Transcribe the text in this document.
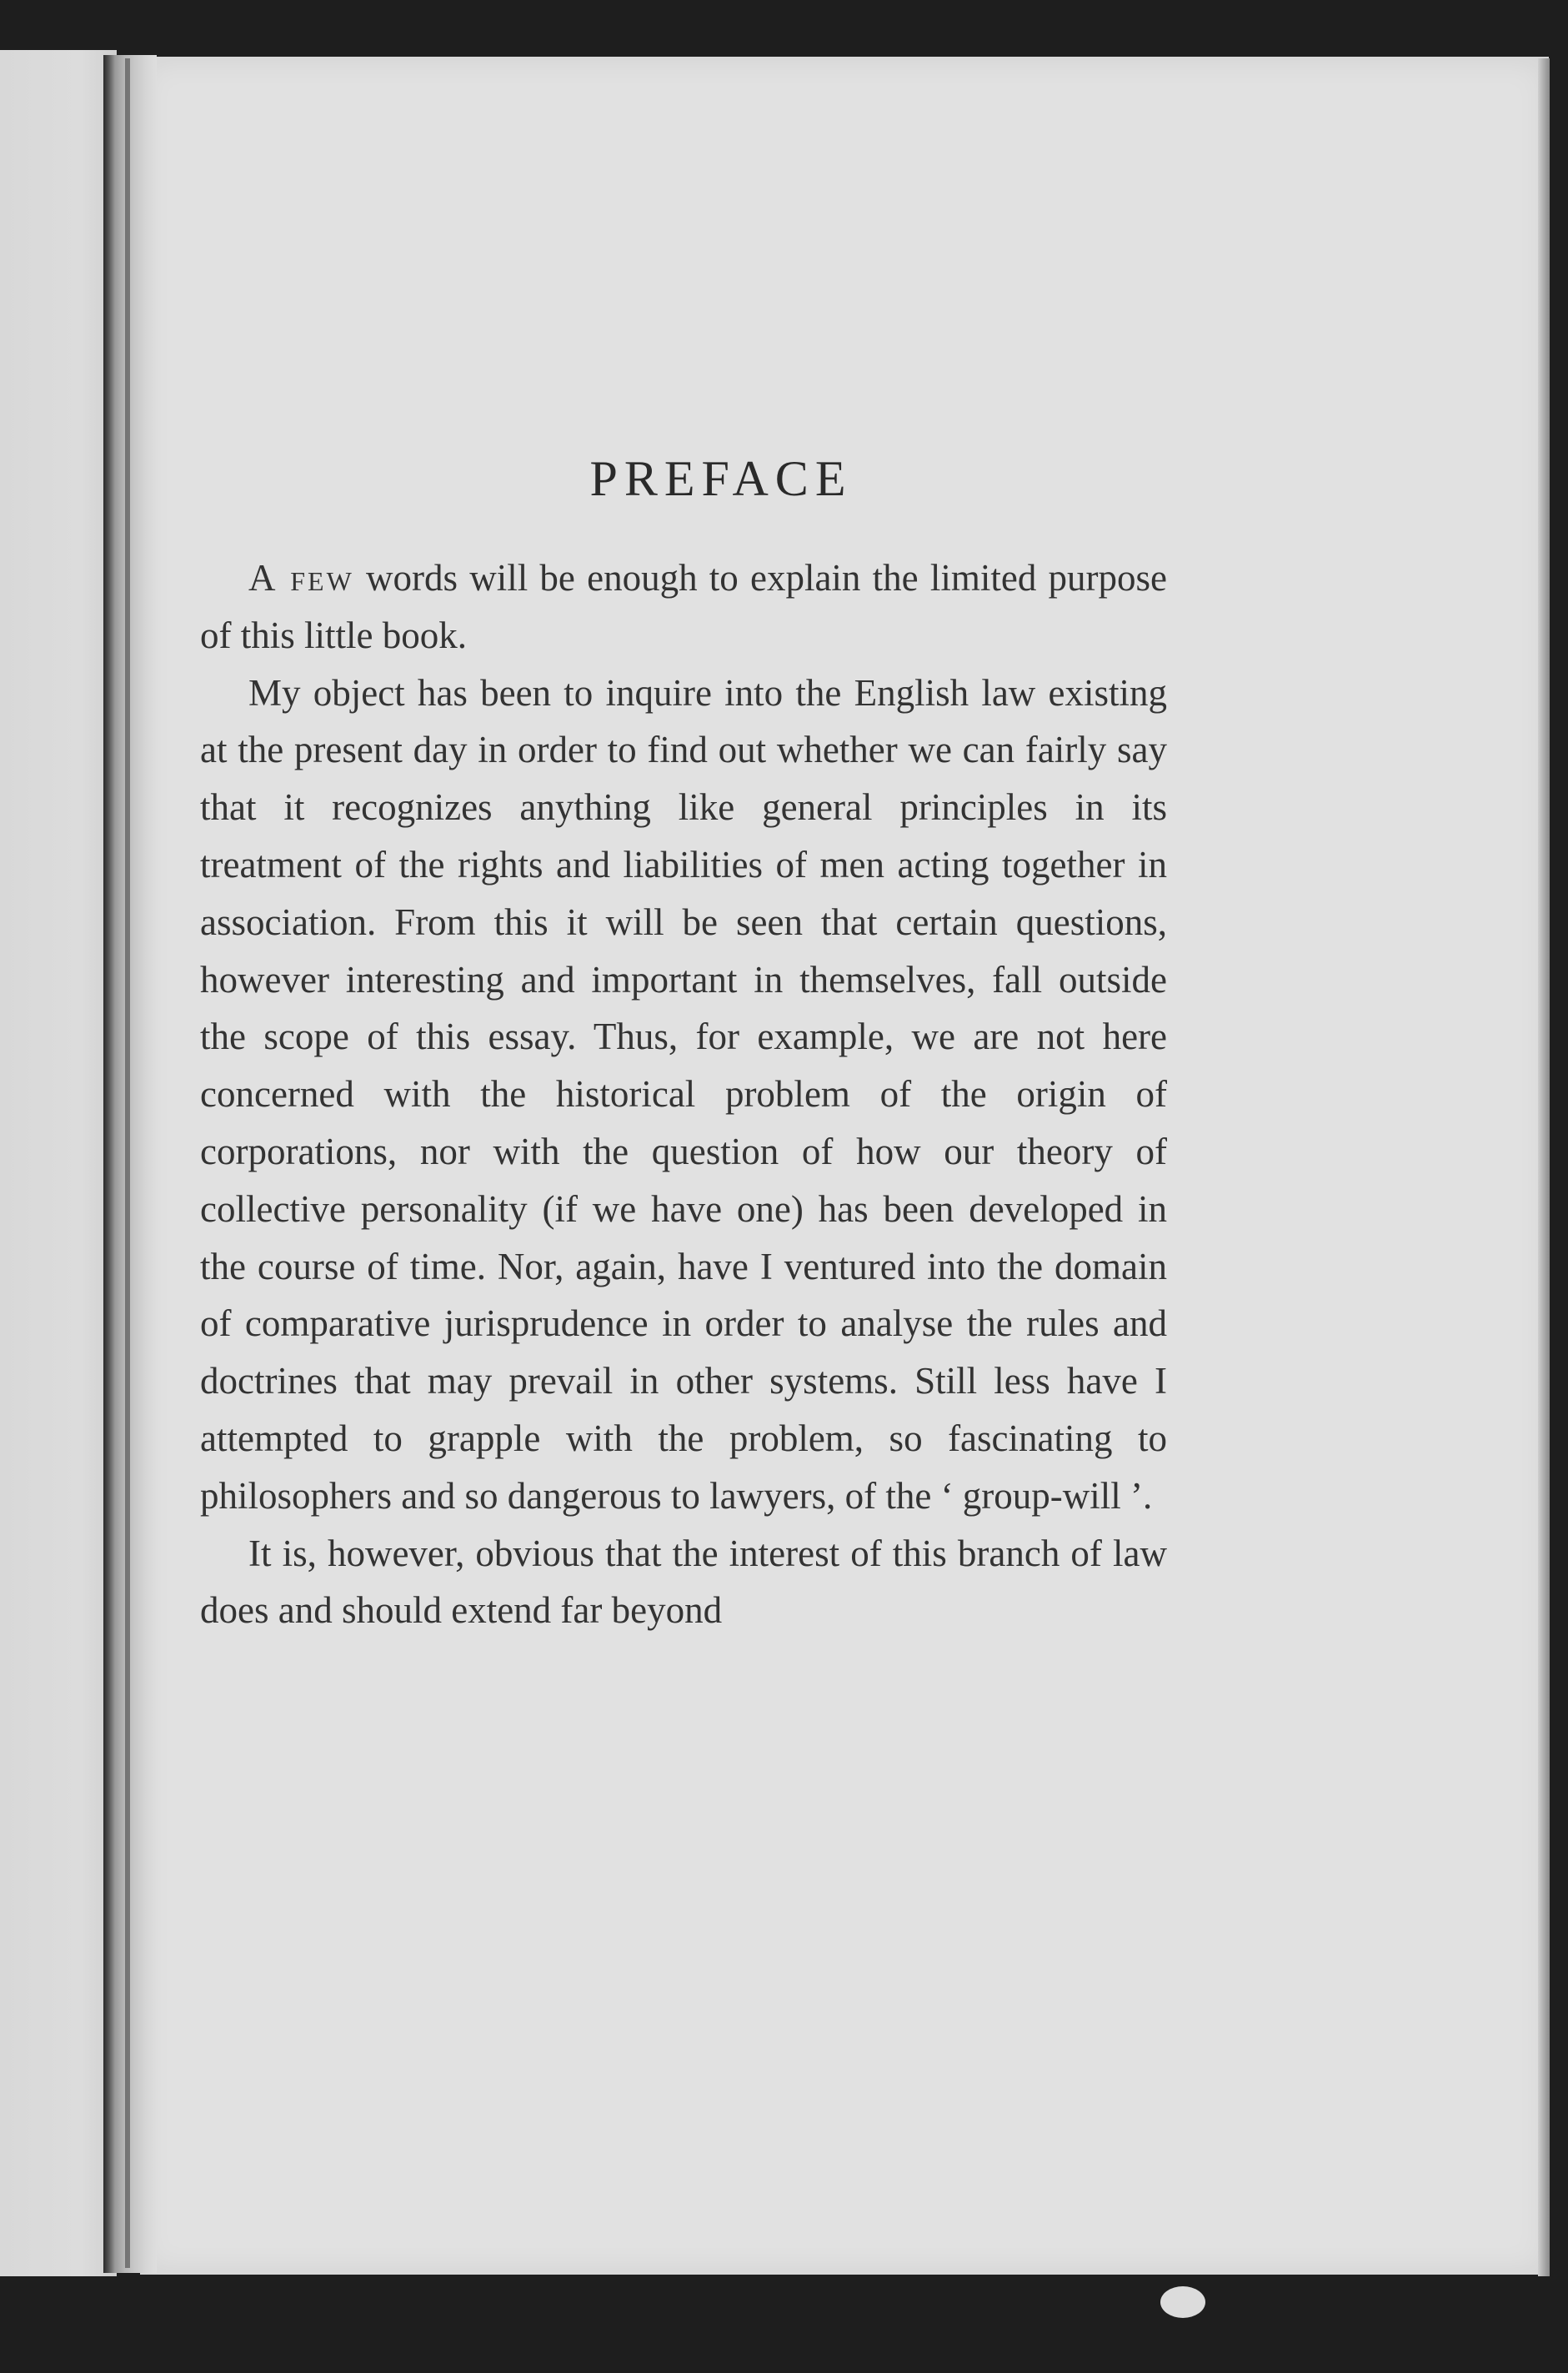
PREFACE

A few words will be enough to explain the limited purpose of this little book.

My object has been to inquire into the English law existing at the present day in order to find out whether we can fairly say that it recognizes anything like general principles in its treatment of the rights and liabilities of men acting together in association. From this it will be seen that certain questions, however interesting and important in themselves, fall outside the scope of this essay. Thus, for example, we are not here concerned with the historical problem of the origin of corporations, nor with the question of how our theory of collective personality (if we have one) has been developed in the course of time. Nor, again, have I ventured into the domain of comparative jurisprudence in order to analyse the rules and doctrines that may prevail in other systems. Still less have I attempted to grapple with the problem, so fascinating to philosophers and so dangerous to lawyers, of the ‘ group-will ’.

It is, however, obvious that the interest of this branch of law does and should extend far beyond
